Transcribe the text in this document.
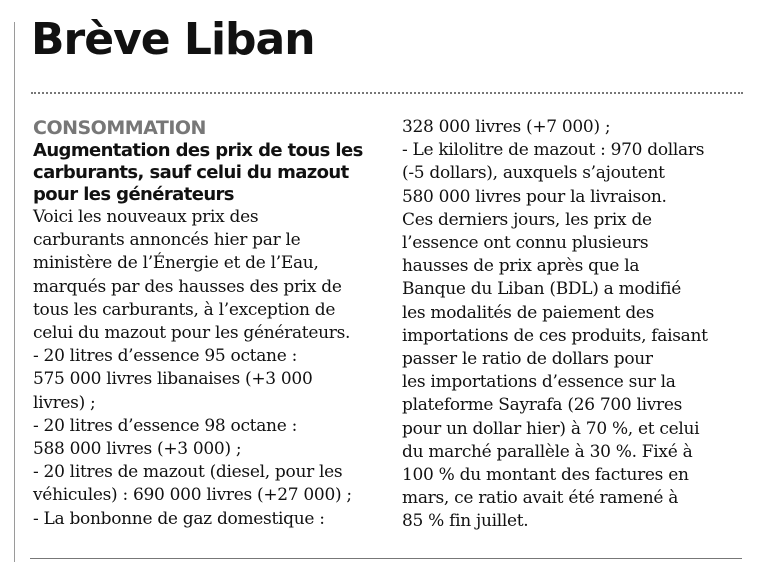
Brève Liban
CONSOMMATION
Augmentation des prix de tous les
carburants, sauf celui du mazout
pour les générateurs
Voici les nouveaux prix des
carburants annoncés hier par le
ministère de l’Énergie et de l’Eau,
marqués par des hausses des prix de
tous les carburants, à l’exception de
celui du mazout pour les générateurs.
- 20 litres d’essence 95 octane :
575 000 livres libanaises (+3 000
livres) ;
- 20 litres d’essence 98 octane :
588 000 livres (+3 000) ;
- 20 litres de mazout (diesel, pour les
véhicules) : 690 000 livres (+27 000) ;
- La bonbonne de gaz domestique :
328 000 livres (+7 000) ;
- Le kilolitre de mazout : 970 dollars
(-5 dollars), auxquels s’ajoutent
580 000 livres pour la livraison.
Ces derniers jours, les prix de
l’essence ont connu plusieurs
hausses de prix après que la
Banque du Liban (BDL) a modifié
les modalités de paiement des
importations de ces produits, faisant
passer le ratio de dollars pour
les importations d’essence sur la
plateforme Sayrafa (26 700 livres
pour un dollar hier) à 70 %, et celui
du marché parallèle à 30 %. Fixé à
100 % du montant des factures en
mars, ce ratio avait été ramené à
85 % fin juillet.
